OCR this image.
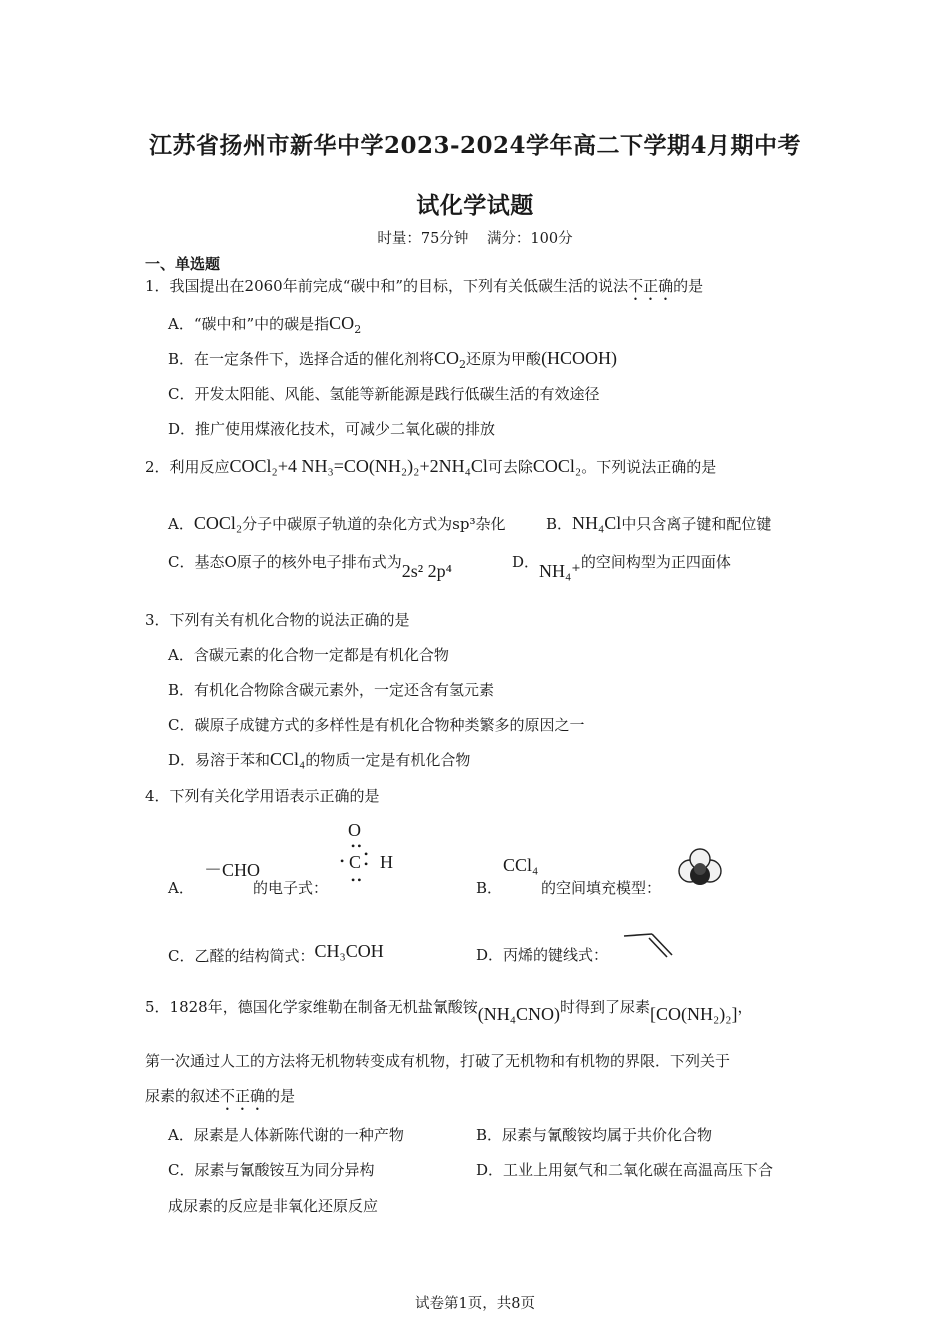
江苏省扬州市新华中学2023-2024学年高二下学期4月期中考
试化学试题
时量：75分钟 满分：100分
一、单选题
1．我国提出在2060年前完成“碳中和”的目标，下列有关低碳生活的说法不正确的是
A．“碳中和”中的碳是指$CO_2$
B．在一定条件下，选择合适的催化剂将$CO_2$还原为甲酸(HCOOH)
C．开发太阳能、风能、氢能等新能源是践行低碳生活的有效途径
D．推广使用煤液化技术，可减少二氧化碳的排放
2．利用反应COCl₂+4 NH₃=CO(NH₂)₂+2NH₄Cl可去除COCl₂。下列说法正确的是
A．COCl₂分子中碳原子轨道的杂化方式为sp³杂化	B．NH₄Cl中只含离子键和配位键
C．基态O原子的核外电子排布式为2s² 2p⁴	D．NH₄⁺的空间构型为正四面体
3．下列有关有机化合物的说法正确的是
A．含碳元素的化合物一定都是有机化合物
B．有机化合物除含碳元素外，一定还含有氢元素
C．碳原子成键方式的多样性是有机化合物种类繁多的原因之一
D．易溶于苯和CCl₄的物质一定是有机化合物
4．下列有关化学用语表示正确的是
A．
－CHO
的电子式：
O
••
• C •
• H
••	B．
CCl₄
的空间填充模型：
C．乙醛的结构简式：CH₃COH	D．丙烯的键线式：
5．1828年，德国化学家维勒在制备无机盐氰酸铵(NH₄CNO)时得到了尿素[CO(NH₂)₂]，
第一次通过人工的方法将无机物转变成有机物，打破了无机物和有机物的界限．下列关于
尿素的叙述不正确的是
A．尿素是人体新陈代谢的一种产物	B．尿素与氰酸铵均属于共价化合物
C．尿素与氰酸铵互为同分异构	D．工业上用氨气和二氧化碳在高温高压下合
成尿素的反应是非氧化还原反应
试卷第1页，共8页
